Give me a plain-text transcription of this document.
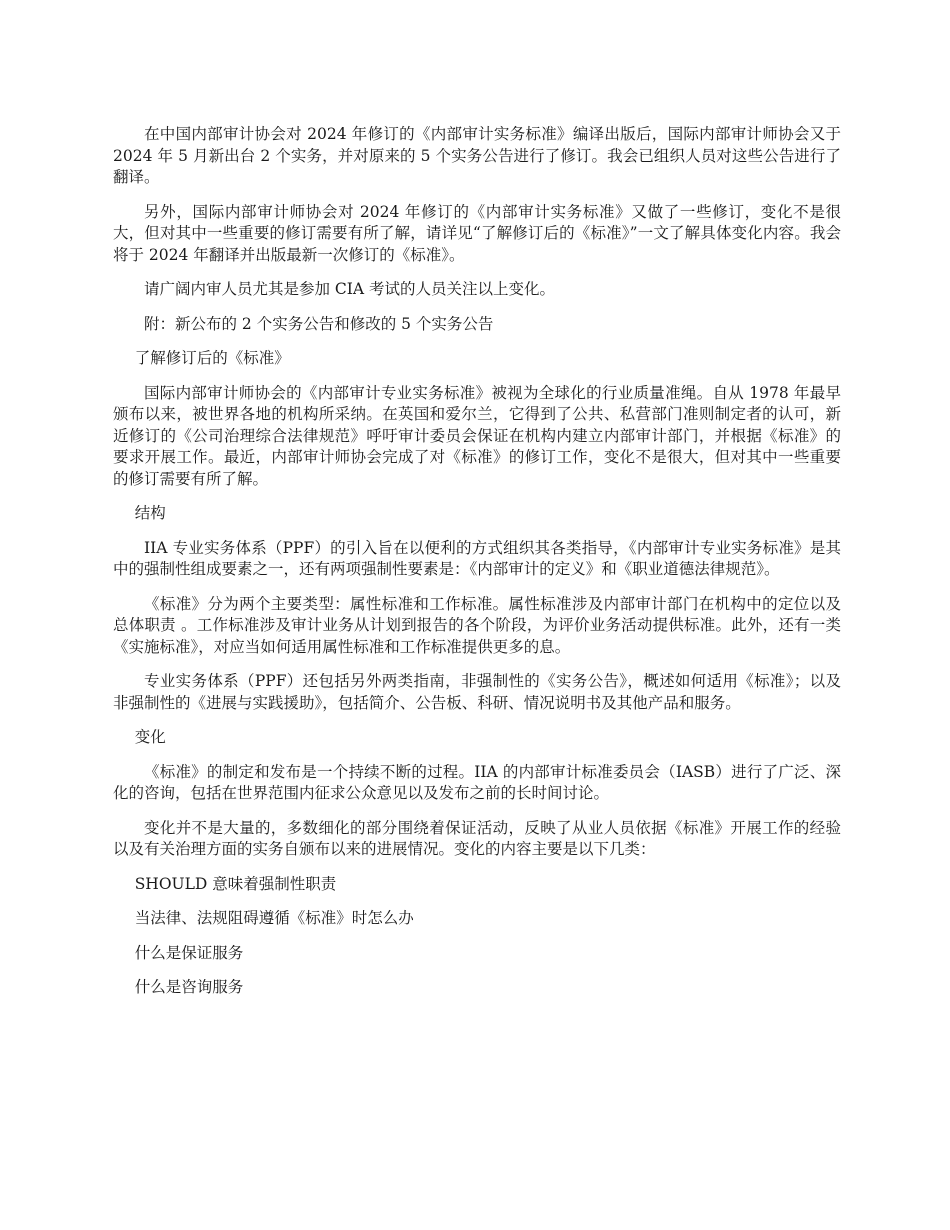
在中国内部审计协会对 2024 年修订的《内部审计实务标准》编译出版后，国际内部审计师协会又于 2024 年 5 月新出台 2 个实务，并对原来的 5 个实务公告进行了修订。我会已组织人员对这些公告进行了翻译。

另外，国际内部审计师协会对 2024 年修订的《内部审计实务标准》又做了一些修订，变化不是很大，但对其中一些重要的修订需要有所了解，请详见“了解修订后的《标准》”一文了解具体变化内容。我会将于 2024 年翻译并出版最新一次修订的《标准》。

请广阔内审人员尤其是参加 CIA 考试的人员关注以上变化。

附：新公布的 2 个实务公告和修改的 5 个实务公告

了解修订后的《标准》

国际内部审计师协会的《内部审计专业实务标准》被视为全球化的行业质量准绳。自从 1978 年最早颁布以来，被世界各地的机构所采纳。在英国和爱尔兰，它得到了公共、私营部门准则制定者的认可，新近修订的《公司治理综合法律规范》呼吁审计委员会保证在机构内建立内部审计部门，并根据《标准》的要求开展工作。最近，内部审计师协会完成了对《标准》的修订工作，变化不是很大，但对其中一些重要的修订需要有所了解。

结构

IIA 专业实务体系（PPF）的引入旨在以便利的方式组织其各类指导，《内部审计专业实务标准》是其中的强制性组成要素之一，还有两项强制性要素是：《内部审计的定义》和《职业道德法律规范》。

《标准》分为两个主要类型：属性标准和工作标准。属性标准涉及内部审计部门在机构中的定位以及总体职责 。工作标准涉及审计业务从计划到报告的各个阶段，为评价业务活动提供标准。此外，还有一类《实施标准》，对应当如何适用属性标准和工作标准提供更多的息。

专业实务体系（PPF）还包括另外两类指南，非强制性的《实务公告》，概述如何适用《标准》；以及非强制性的《进展与实践援助》，包括简介、公告板、科研、情况说明书及其他产品和服务。

变化

《标准》的制定和发布是一个持续不断的过程。IIA 的内部审计标准委员会（IASB）进行了广泛、深化的咨询，包括在世界范围内征求公众意见以及发布之前的长时间讨论。

变化并不是大量的，多数细化的部分围绕着保证活动，反映了从业人员依据《标准》开展工作的经验以及有关治理方面的实务自颁布以来的进展情况。变化的内容主要是以下几类：

SHOULD 意味着强制性职责

当法律、法规阻碍遵循《标准》时怎么办

什么是保证服务

什么是咨询服务
